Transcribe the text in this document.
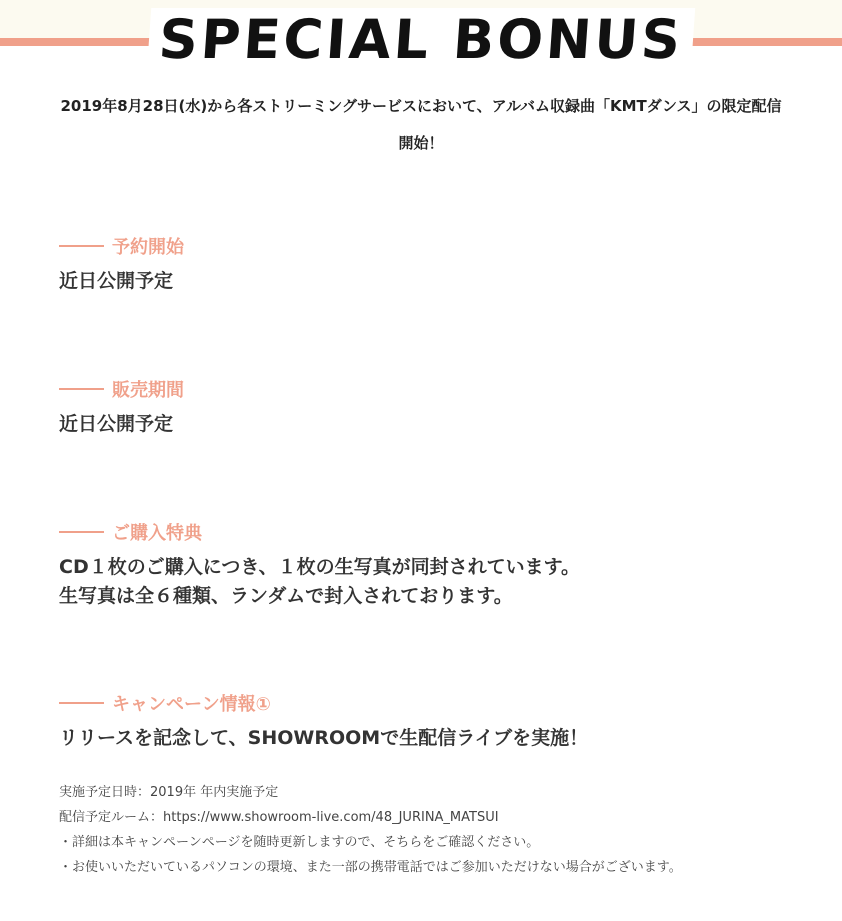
SPECIAL BONUS
2019年8月28日(水)から各ストリーミングサービスにおいて、アルバム収録曲「KMTダンス」の限定配信
開始！
予約開始
近日公開予定
販売期間
近日公開予定
ご購入特典
CD１枚のご購入につき、１枚の生写真が同封されています。
生写真は全６種類、ランダムで封入されております。
キャンペーン情報①
リリースを記念して、SHOWROOMで生配信ライブを実施！
実施予定日時：2019年 年内実施予定
配信予定ルーム：https://www.showroom-live.com/48_JURINA_MATSUI
・詳細は本キャンペーンページを随時更新しますので、そちらをご確認ください。
・お使いいただいているパソコンの環境、また一部の携帯電話ではご参加いただけない場合がございます。
